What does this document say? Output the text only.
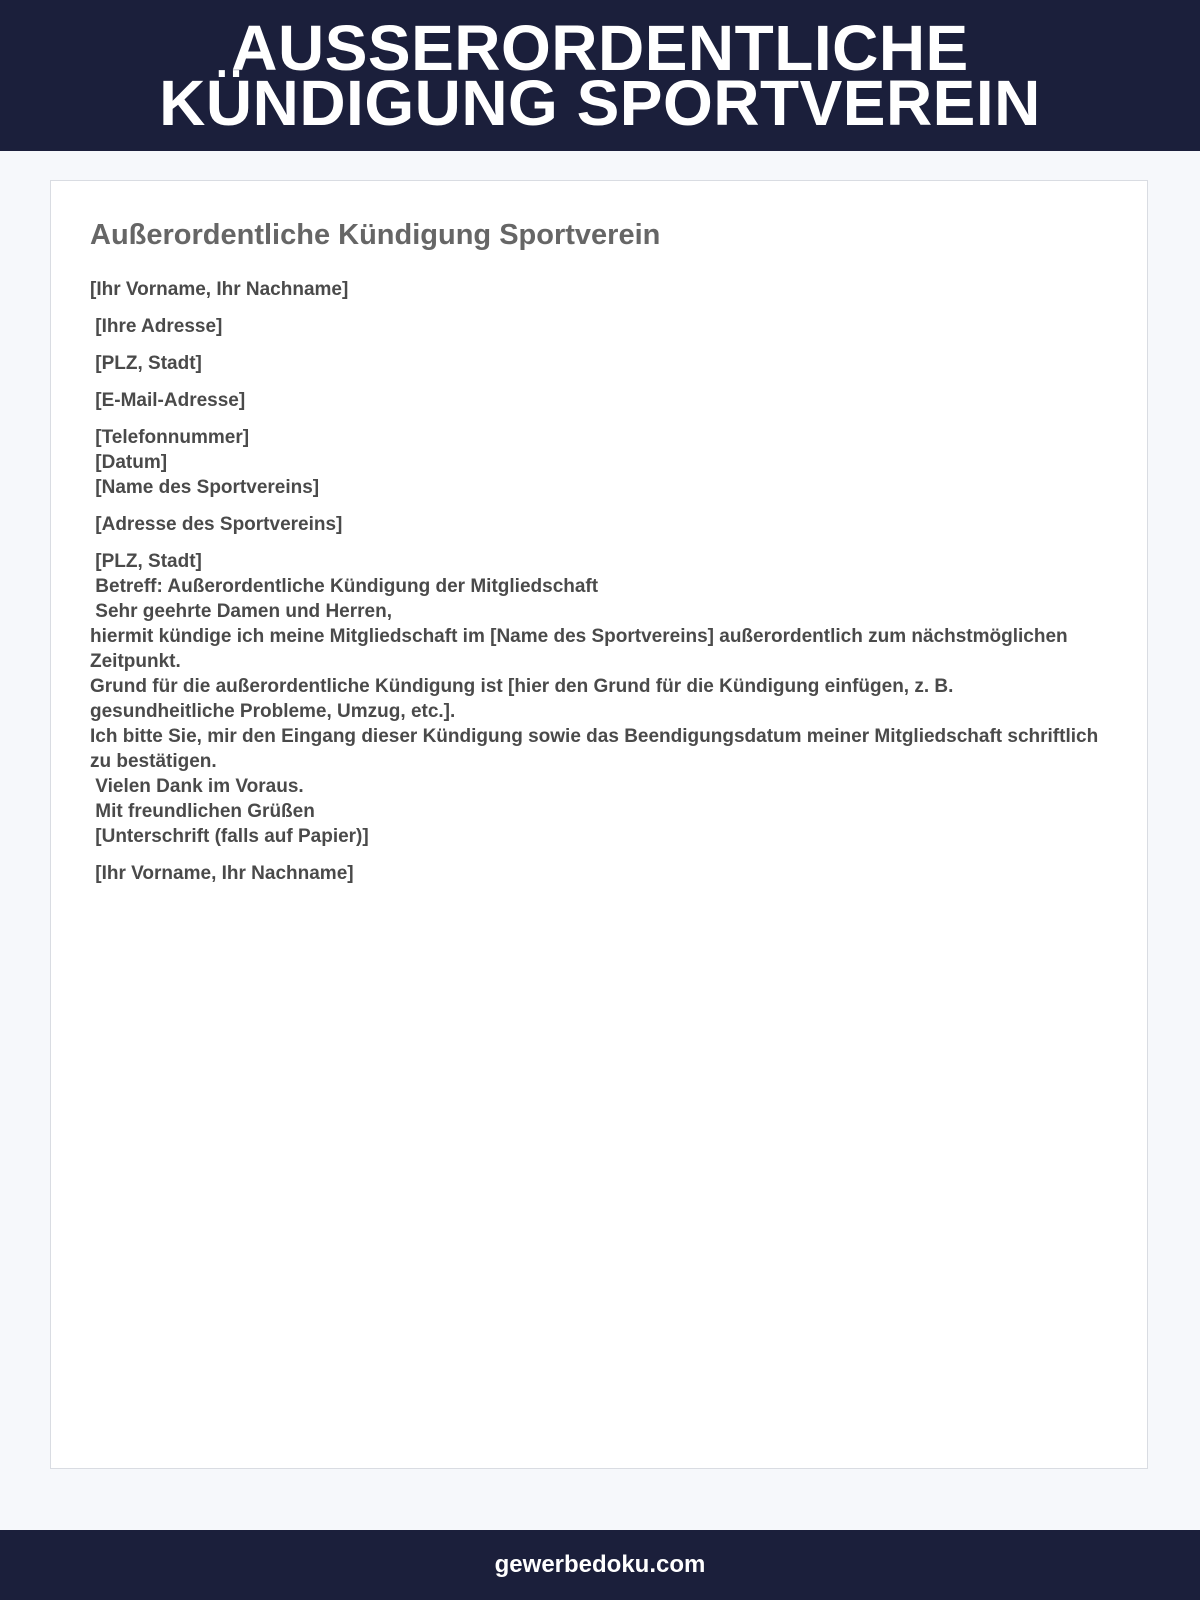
AUSSERORDENTLICHE KÜNDIGUNG SPORTVEREIN
Außerordentliche Kündigung Sportverein
[Ihr Vorname, Ihr Nachname]
[Ihre Adresse]
[PLZ, Stadt]
[E-Mail-Adresse]
[Telefonnummer]
[Datum]
[Name des Sportvereins]
[Adresse des Sportvereins]
[PLZ, Stadt]
Betreff: Außerordentliche Kündigung der Mitgliedschaft
Sehr geehrte Damen und Herren,
hiermit kündige ich meine Mitgliedschaft im [Name des Sportvereins] außerordentlich zum nächstmöglichen Zeitpunkt.
Grund für die außerordentliche Kündigung ist [hier den Grund für die Kündigung einfügen, z. B. gesundheitliche Probleme, Umzug, etc.].
Ich bitte Sie, mir den Eingang dieser Kündigung sowie das Beendigungsdatum meiner Mitgliedschaft schriftlich zu bestätigen.
Vielen Dank im Voraus.
Mit freundlichen Grüßen
[Unterschrift (falls auf Papier)]
[Ihr Vorname, Ihr Nachname]
gewerbedoku.com
